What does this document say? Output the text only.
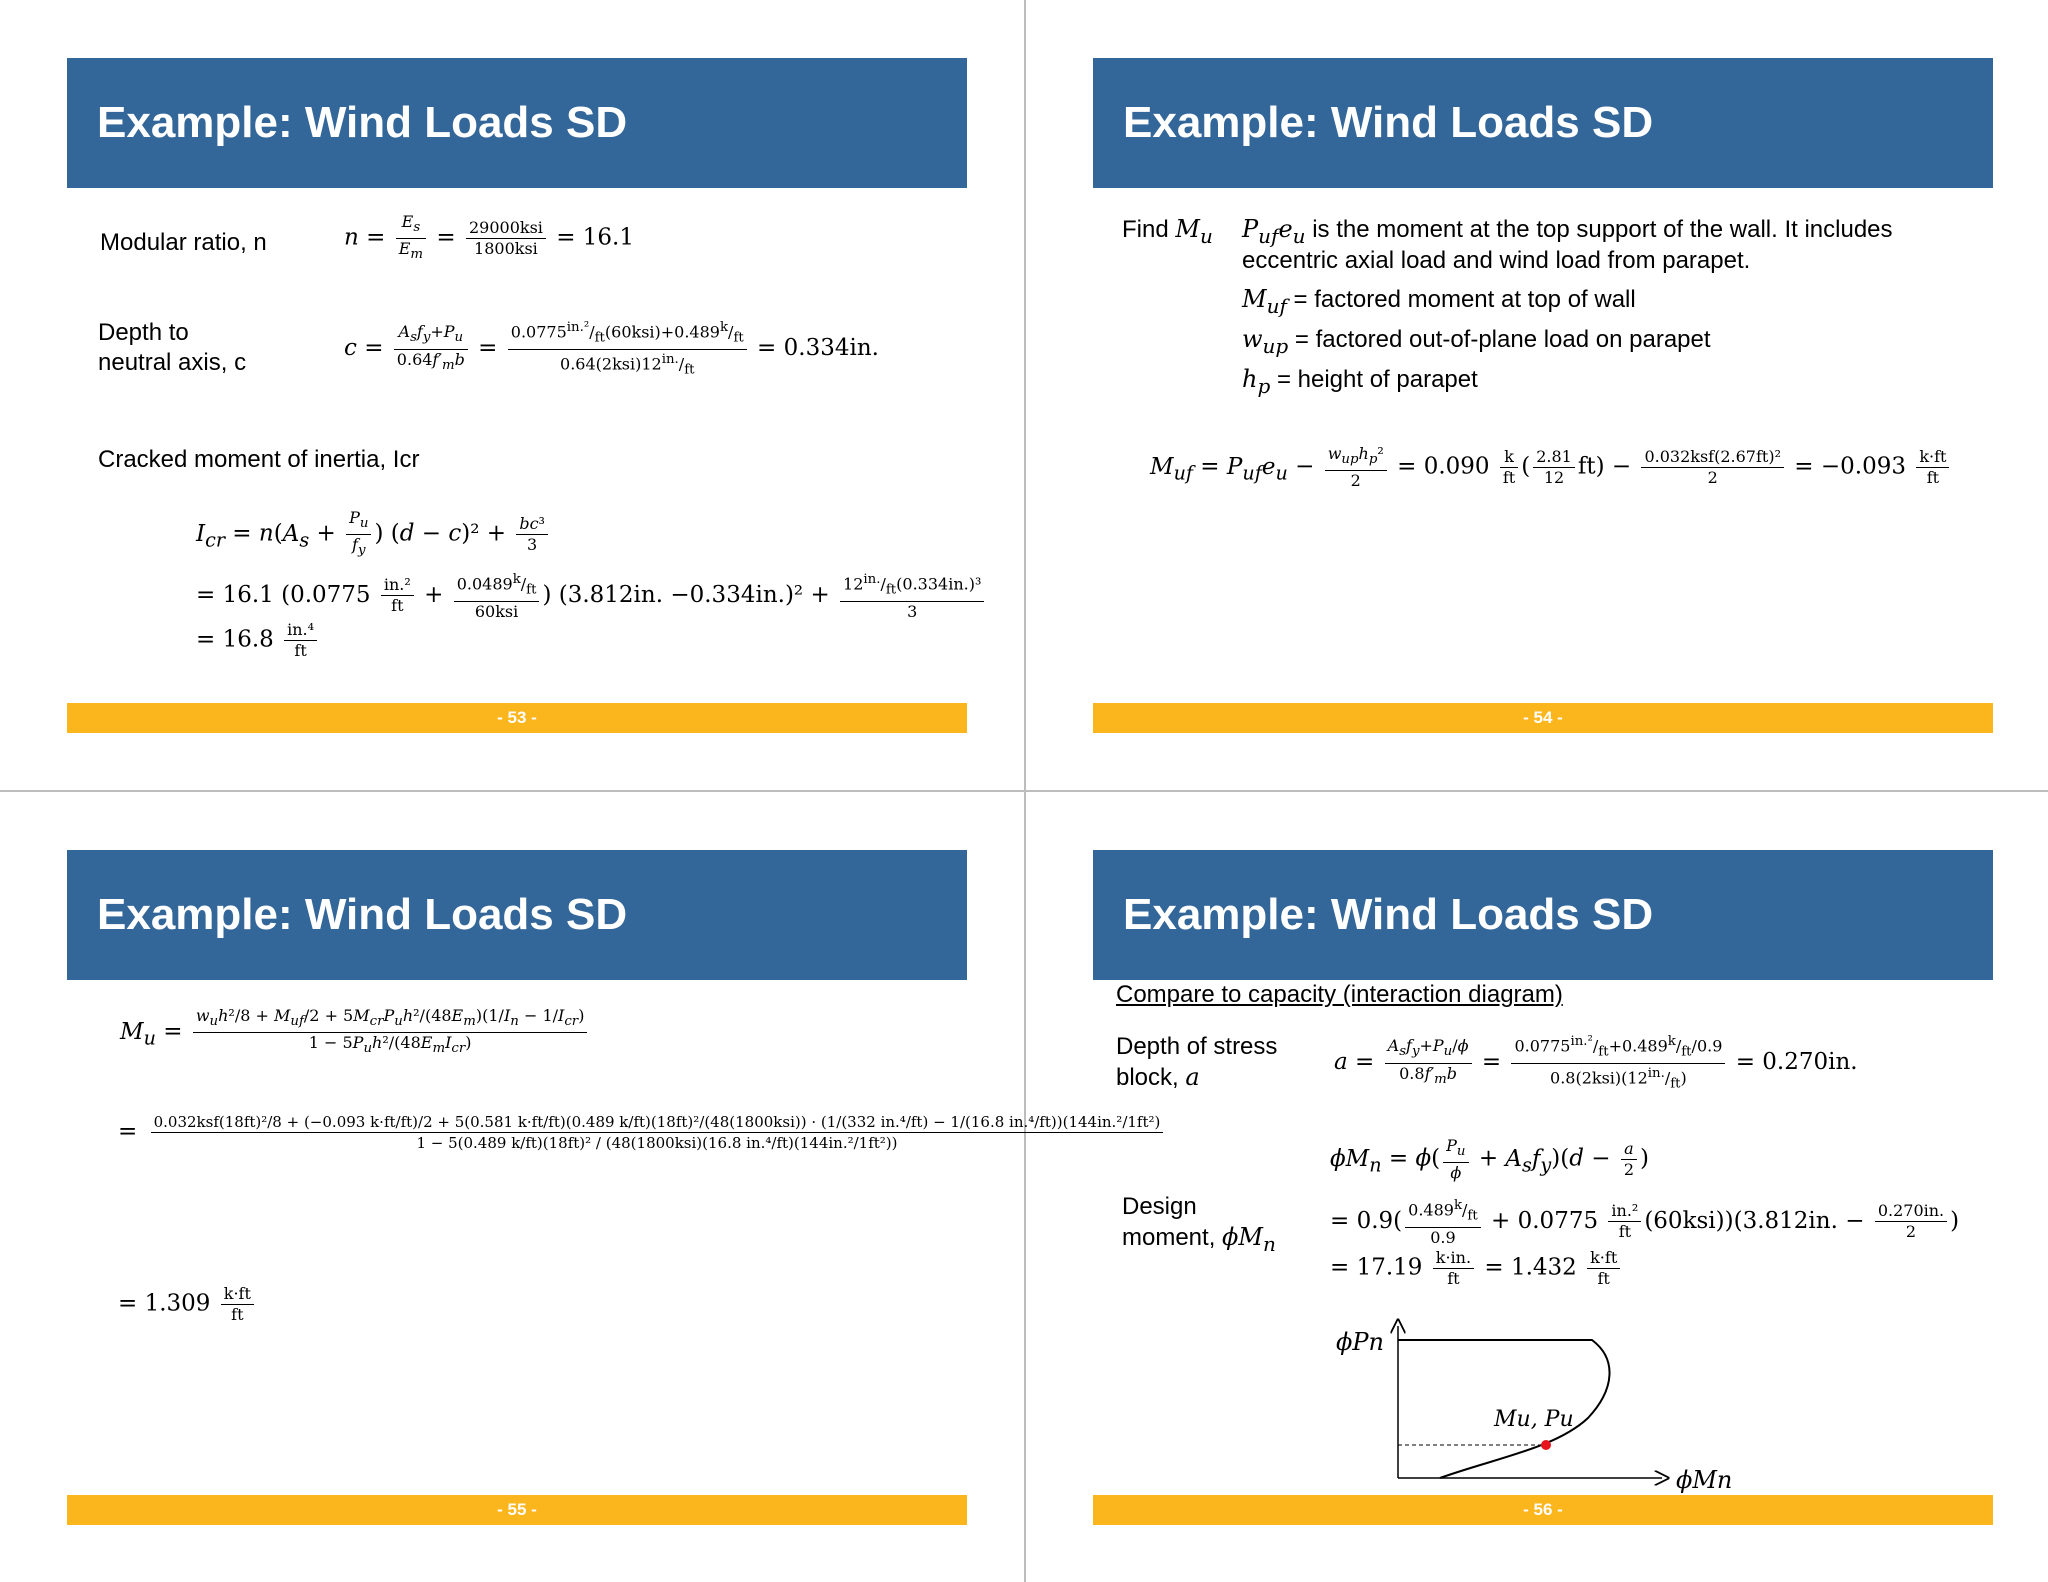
Example: Wind Loads SD
Modular ratio, n	$n = \frac{E_s}{E_m} = \frac{\text{29000ksi}}{\text{1800ksi}} = 16.1$
Depth to
neutral axis, c
$c = \frac{A_sf_y+P_u}{0.64f'_mb} = \frac{0.0775^{in.^2}/_{ft}(60ksi)+0.489^k/_{ft}}{0.64(2ksi)12^{in.}/_{ft}} = 0.334in$.
Cracked moment of inertia, Icr
$I_{cr} = n(A_s + \frac{P_u}{f_y}$ ) $(d - c)^2 + \frac{\text{bc³}}{3}$
= 16.1 ($0.0775 \frac{\text{in.²}}{ft} + \frac{0.0489^k/_{ft}}{\text{60ksi}}$ ) (3.812in. $-0.334in.)^2 + \frac{12^{in.}/_{ft}(0.334in.)^3}{3}$
= $16.8 \frac{\text{in.⁴}}{ft}$
- 53 -
Example: Wind Loads SD
Find $M_u$ $P_{uf}e_u$ is the moment at the top support of the wall. It includes
eccentric axial load and wind load from parapet.
$M_{uf}$ = factored moment at top of wall
$w_{up}$ = factored out-of-plane load on parapet
$h_p$ = height of parapet
$M_{uf} = P_{uf}e_u - \frac{w_{up}h_p^2}{2} = 0.090 \frac{k}{ft}$ ( $\frac{2.81}{12} ft) - \frac{\text{0.032ksf(2.67ft)²}}{2} = -0.093 \frac{k\cdot ft}{ft}$
- 54 -
Example: Wind Loads SD
$M_u = \frac{w_uh^2/8 + M_{uf}/2 + 5M_{cr}P_uh^2/(48E_m)(1/I_n - 1/I_{cr})}{1 - 5P_uh^2/(48E_mI_{cr})}$
= 0.032ksf(18ft)²/8 + (−0.093 k·ft/ft)/2 + 5(0.581 k·ft/ft)(0.489 k/ft)(18ft)²/(48(1800ksi)) · (1/(332 in.⁴/ft) − 1/(16.8 in.⁴/ft))(144in.²/1ft²)
1 − 5(0.489 k/ft)(18ft)² / (48(1800ksi)(16.8 in.⁴/ft)(144in.²/1ft²))
= $1.309 \frac{k\cdot ft}{ft}$
- 55 -
Example: Wind Loads SD
Compare to capacity (interaction diagram)
Depth of stress
block, a
$a = \frac{A_sf_y+P_u/\phi}{0.8f'_mb} = \frac{0.0775^{in.^2}/_{ft}+0.489^k/_{ft}/0.9}{0.8(2ksi)(12^{in.}/_{ft})} = 0.270in$.
$\phi M_n = \phi( \frac{P_u}{\phi} + A_sf_y)(d - \frac{a}{2}$ )
Design
moment, $\phi M_n$
= $0.9( \frac{0.489^k/_{ft}}{0.9} + 0.0775 \frac{\text{in.²}}{ft} (60ksi))(3.812in$. − $\frac{0.270in.}{2}$ )
= $17.19 \frac{k\cdot in.}{ft} = 1.432 \frac{k\cdot ft}{ft}$
ϕPn
ϕMn
Mu, Pu
- 56 -
